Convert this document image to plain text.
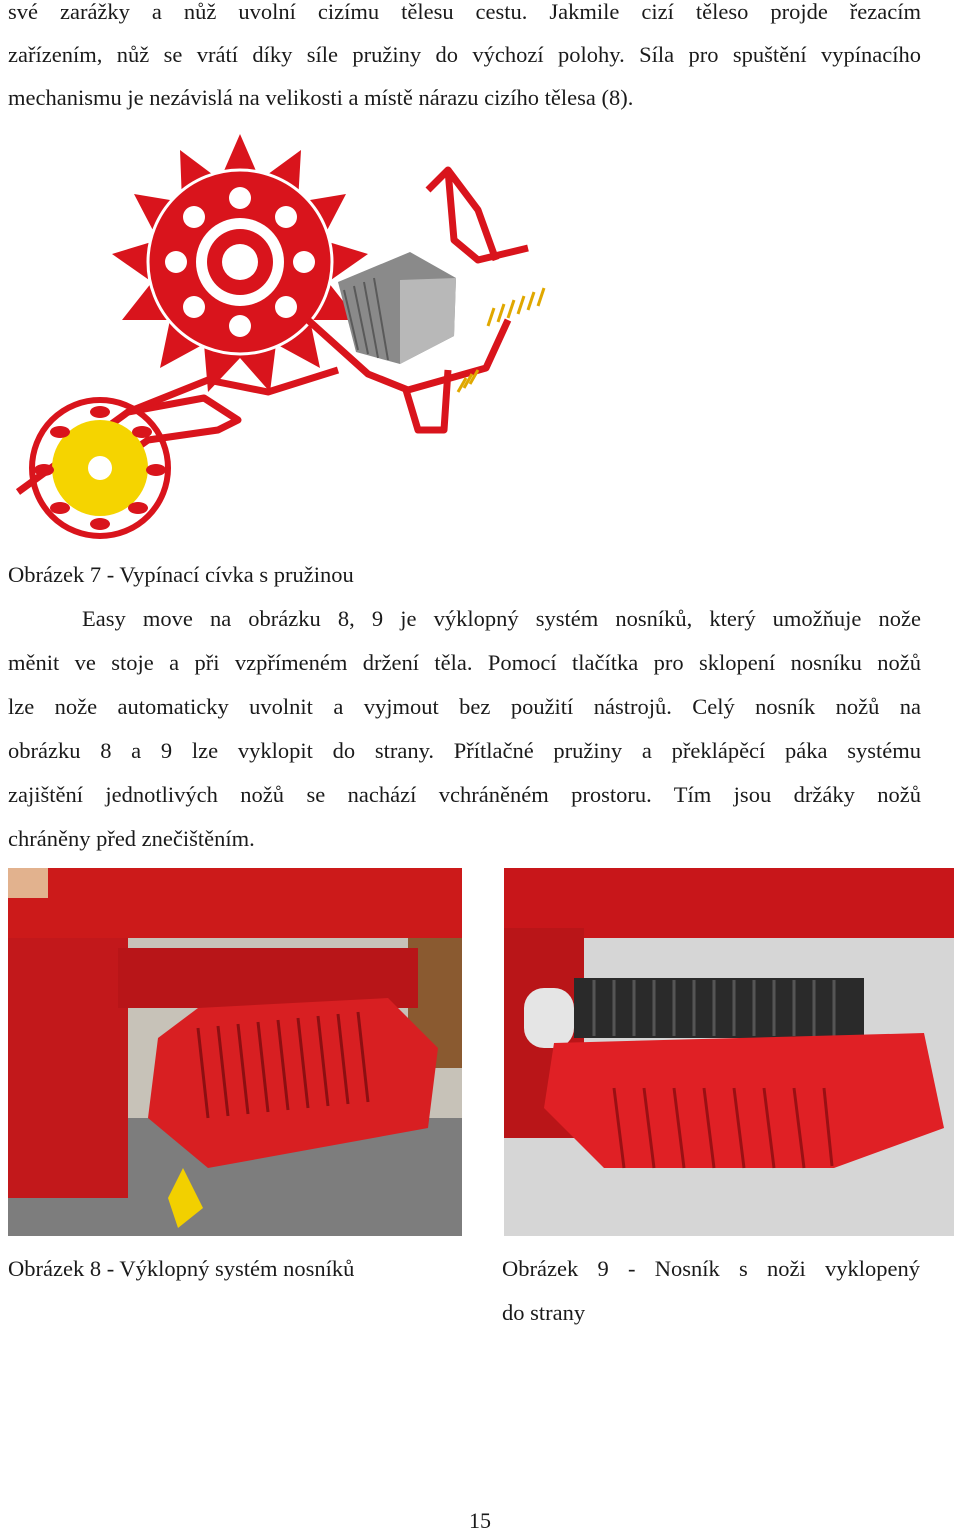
své zarážky a nůž uvolní cizímu tělesu cestu. Jakmile cizí těleso projde řezacím
zařízením, nůž se vrátí díky síle pružiny do výchozí polohy. Síla pro spuštění vypínacího
mechanismu je nezávislá na velikosti a místě nárazu cizího tělesa (8).
Obrázek 7 - Vypínací cívka s pružinou
Easy move na obrázku 8, 9 je výklopný systém nosníků, který umožňuje nože
měnit ve stoje a při vzpřímeném držení těla. Pomocí tlačítka pro sklopení nosníku nožů
lze nože automaticky uvolnit a vyjmout bez použití nástrojů. Celý nosník nožů na
obrázku 8 a 9 lze vyklopit do strany. Přítlačné pružiny a překlápěcí páka systému
zajištění jednotlivých nožů se nachází vchráněném prostoru. Tím jsou držáky nožů
chráněny před znečištěním.
Obrázek 8 - Výklopný systém nosníků	Obrázek 9 - Nosník s noži vyklopený
do strany
15
